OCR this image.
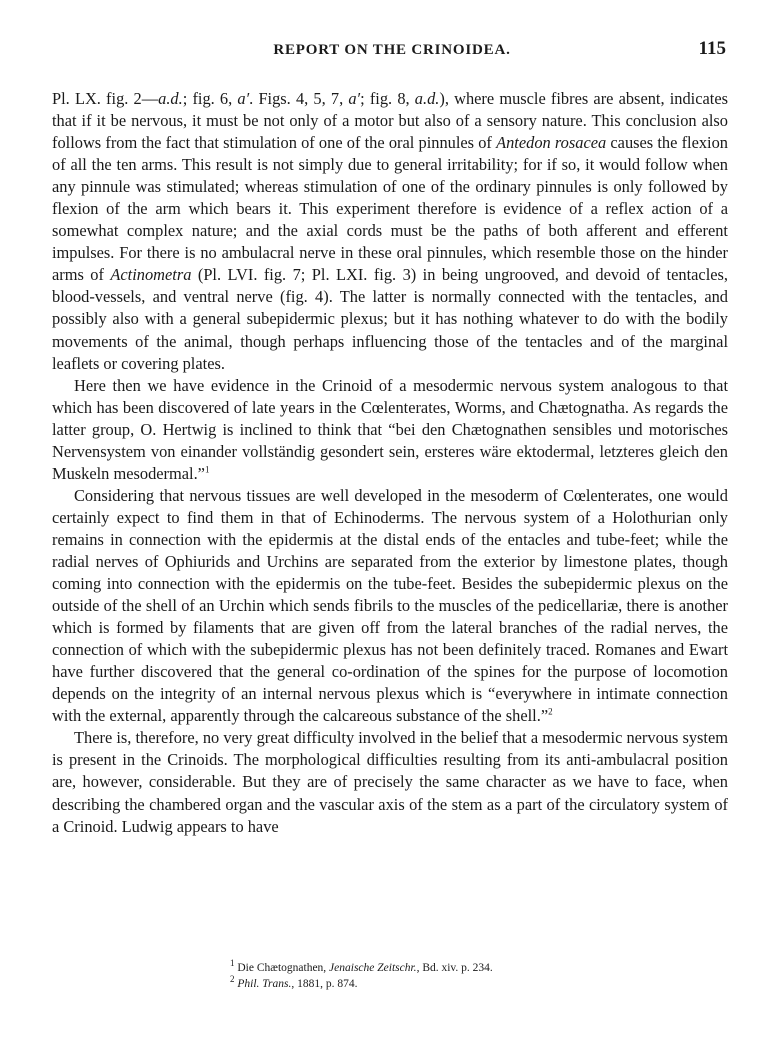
REPORT ON THE CRINOIDEA.	115

Pl. LX. fig. 2—a.d.; fig. 6, a′. Figs. 4, 5, 7, a′; fig. 8, a.d.), where muscle fibres are absent, indicates that if it be nervous, it must be not only of a motor but also of a sensory nature. This conclusion also follows from the fact that stimulation of one of the oral pinnules of Antedon rosacea causes the flexion of all the ten arms. This result is not simply due to general irritability; for if so, it would follow when any pinnule was stimulated; whereas stimulation of one of the ordinary pinnules is only followed by flexion of the arm which bears it. This experiment therefore is evidence of a reflex action of a somewhat complex nature; and the axial cords must be the paths of both afferent and efferent impulses. For there is no ambulacral nerve in these oral pinnules, which resemble those on the hinder arms of Actinometra (Pl. LVI. fig. 7; Pl. LXI. fig. 3) in being ungrooved, and devoid of tentacles, blood-vessels, and ventral nerve (fig. 4). The latter is normally connected with the tentacles, and possibly also with a general subepidermic plexus; but it has nothing whatever to do with the bodily movements of the animal, though perhaps influencing those of the tentacles and of the marginal leaflets or covering plates.

Here then we have evidence in the Crinoid of a mesodermic nervous system analogous to that which has been discovered of late years in the Cœlenterates, Worms, and Chætognatha. As regards the latter group, O. Hertwig is inclined to think that “bei den Chætognathen sensibles und motorisches Nervensystem von einander vollständig gesondert sein, ersteres wäre ektodermal, letzteres gleich den Muskeln mesodermal.”$^1$

Considering that nervous tissues are well developed in the mesoderm of Cœlenterates, one would certainly expect to find them in that of Echinoderms. The nervous system of a Holothurian only remains in connection with the epidermis at the distal ends of the entacles and tube-feet; while the radial nerves of Ophiurids and Urchins are separated from the exterior by limestone plates, though coming into connection with the epidermis on the tube-feet. Besides the subepidermic plexus on the outside of the shell of an Urchin which sends fibrils to the muscles of the pedicellariæ, there is another which is formed by filaments that are given off from the lateral branches of the radial nerves, the connection of which with the subepidermic plexus has not been definitely traced. Romanes and Ewart have further discovered that the general co-ordination of the spines for the purpose of locomotion depends on the integrity of an internal nervous plexus which is “everywhere in intimate connection with the external, apparently through the calcareous substance of the shell.”$^2$

There is, therefore, no very great difficulty involved in the belief that a mesodermic nervous system is present in the Crinoids. The morphological difficulties resulting from its anti-ambulacral position are, however, considerable. But they are of precisely the same character as we have to face, when describing the chambered organ and the vascular axis of the stem as a part of the circulatory system of a Crinoid. Ludwig appears to have

$^1$ Die Chætognathen, Jenaische Zeitschr., Bd. xiv. p. 234.

$^2$ Phil. Trans., 1881, p. 874.
